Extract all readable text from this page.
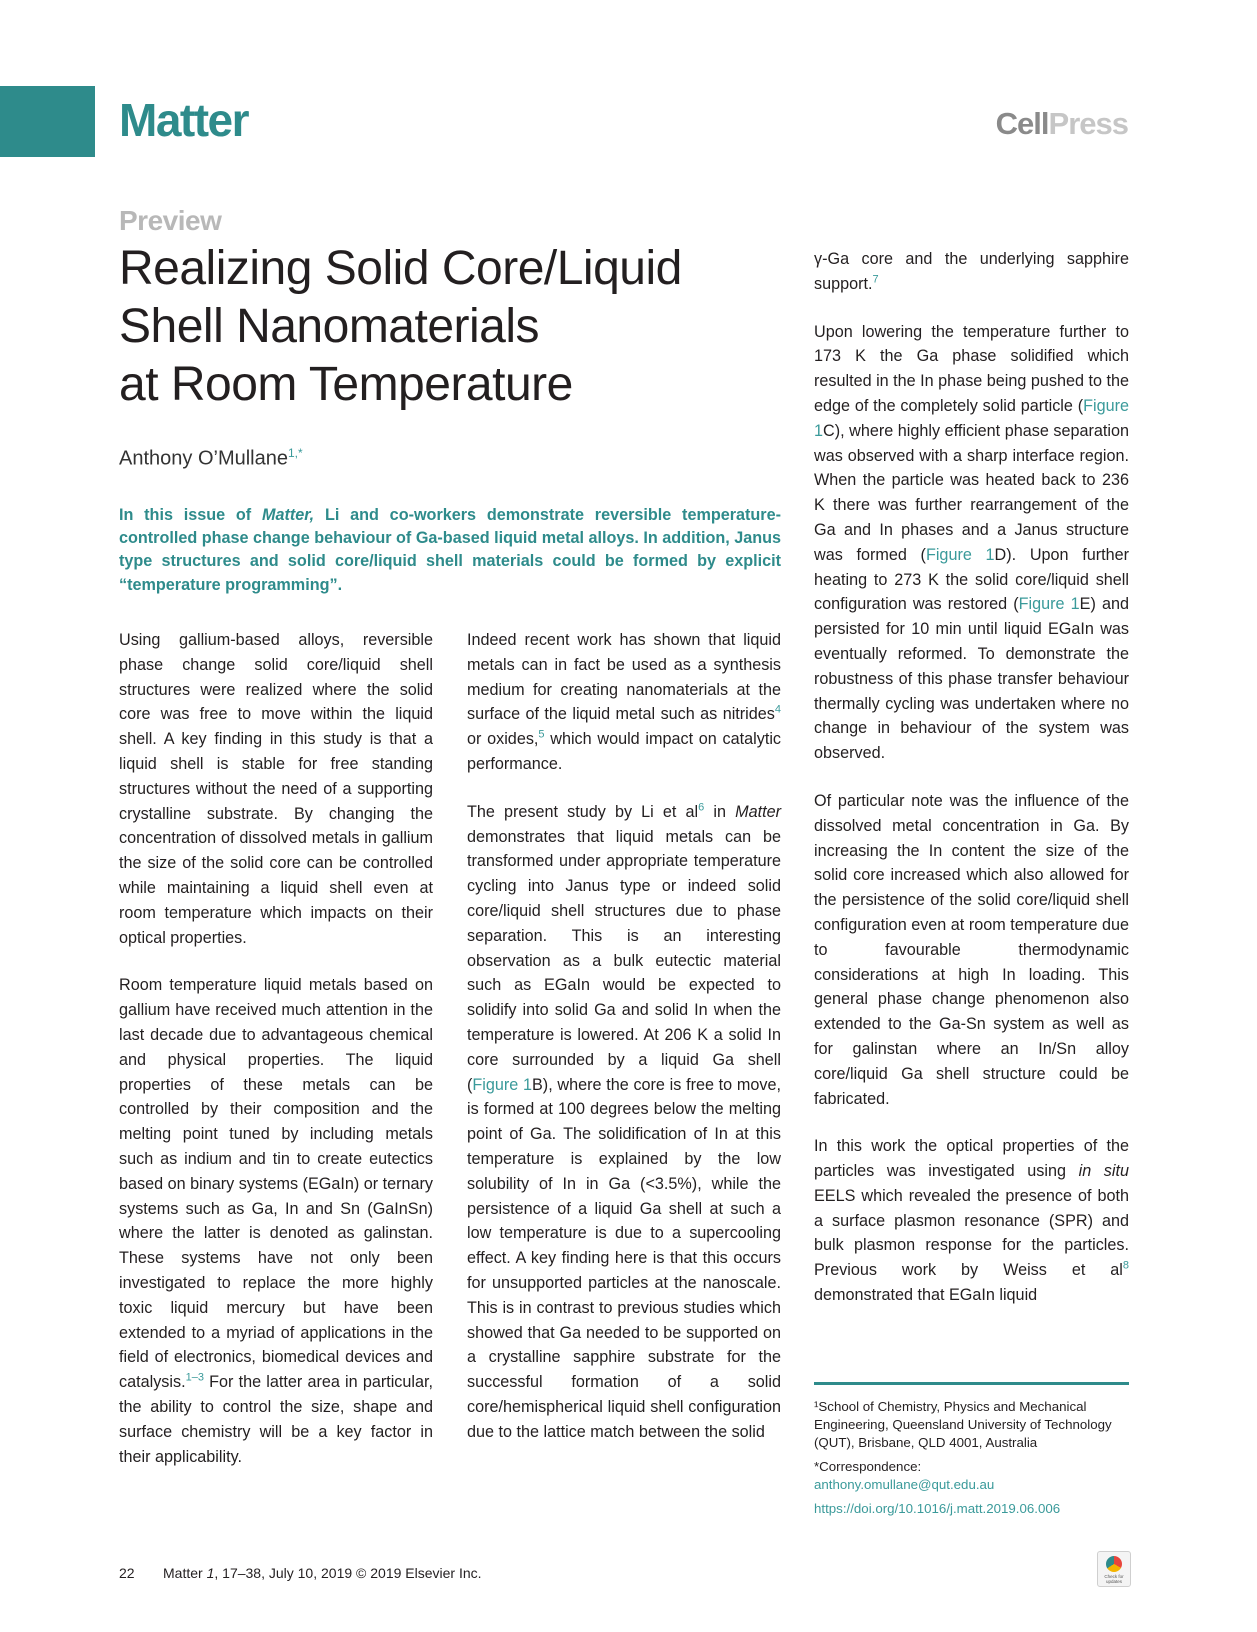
Matter	CellPress
Preview
Realizing Solid Core/Liquid
Shell Nanomaterials
at Room Temperature
Anthony O’Mullane$^{1,*}$

In this issue of Matter, Li and co-workers demonstrate reversible temperature-controlled phase change behaviour of Ga-based liquid metal alloys. In addition, Janus type structures and solid core/liquid shell materials could be formed by explicit “temperature programming”.

Using gallium-based alloys, reversible phase change solid core/liquid shell structures were realized where the solid core was free to move within the liquid shell. A key finding in this study is that a liquid shell is stable for free standing structures without the need of a supporting crystalline substrate. By changing the concentration of dissolved metals in gallium the size of the solid core can be controlled while maintaining a liquid shell even at room temperature which impacts on their optical properties.

Room temperature liquid metals based on gallium have received much attention in the last decade due to advantageous chemical and physical properties. The liquid properties of these metals can be controlled by their composition and the melting point tuned by including metals such as indium and tin to create eutectics based on binary systems (EGaIn) or ternary systems such as Ga, In and Sn (GaInSn) where the latter is denoted as galinstan. These systems have not only been investigated to replace the more highly toxic liquid mercury but have been extended to a myriad of applications in the field of electronics, biomedical devices and catalysis.$^{1-3}$ For the latter area in particular, the ability to control the size, shape and surface chemistry will be a key factor in their applicability.

Indeed recent work has shown that liquid metals can in fact be used as a synthesis medium for creating nanomaterials at the surface of the liquid metal such as nitrides$^4$ or oxides,$^5$ which would impact on catalytic performance.

The present study by Li et al$^6$ in Matter demonstrates that liquid metals can be transformed under appropriate temperature cycling into Janus type or indeed solid core/liquid shell structures due to phase separation. This is an interesting observation as a bulk eutectic material such as EGaIn would be expected to solidify into solid Ga and solid In when the temperature is lowered. At 206 K a solid In core surrounded by a liquid Ga shell (Figure 1B), where the core is free to move, is formed at 100 degrees below the melting point of Ga. The solidification of In at this temperature is explained by the low solubility of In in Ga (<3.5%), while the persistence of a liquid Ga shell at such a low temperature is due to a supercooling effect. A key finding here is that this occurs for unsupported particles at the nanoscale. This is in contrast to previous studies which showed that Ga needed to be supported on a crystalline sapphire substrate for the successful formation of a solid core/hemispherical liquid shell configuration due to the lattice match between the solid

γ-Ga core and the underlying sapphire support.$^7$

Upon lowering the temperature further to 173 K the Ga phase solidified which resulted in the In phase being pushed to the edge of the completely solid particle (Figure 1C), where highly efficient phase separation was observed with a sharp interface region. When the particle was heated back to 236 K there was further rearrangement of the Ga and In phases and a Janus structure was formed (Figure 1D). Upon further heating to 273 K the solid core/liquid shell configuration was restored (Figure 1E) and persisted for 10 min until liquid EGaIn was eventually reformed. To demonstrate the robustness of this phase transfer behaviour thermally cycling was undertaken where no change in behaviour of the system was observed.

Of particular note was the influence of the dissolved metal concentration in Ga. By increasing the In content the size of the solid core increased which also allowed for the persistence of the solid core/liquid shell configuration even at room temperature due to favourable thermodynamic considerations at high In loading. This general phase change phenomenon also extended to the Ga-Sn system as well as for galinstan where an In/Sn alloy core/liquid Ga shell structure could be fabricated.

In this work the optical properties of the particles was investigated using in situ EELS which revealed the presence of both a surface plasmon resonance (SPR) and bulk plasmon response for the particles. Previous work by Weiss et al$^8$ demonstrated that EGaIn liquid

¹School of Chemistry, Physics and Mechanical Engineering, Queensland University of Technology (QUT), Brisbane, QLD 4001, Australia
*Correspondence:
anthony.omullane@qut.edu.au
https://doi.org/10.1016/j.matt.2019.06.006
22 Matter 1, 17–38, July 10, 2019 © 2019 Elsevier Inc.	Check for updates
